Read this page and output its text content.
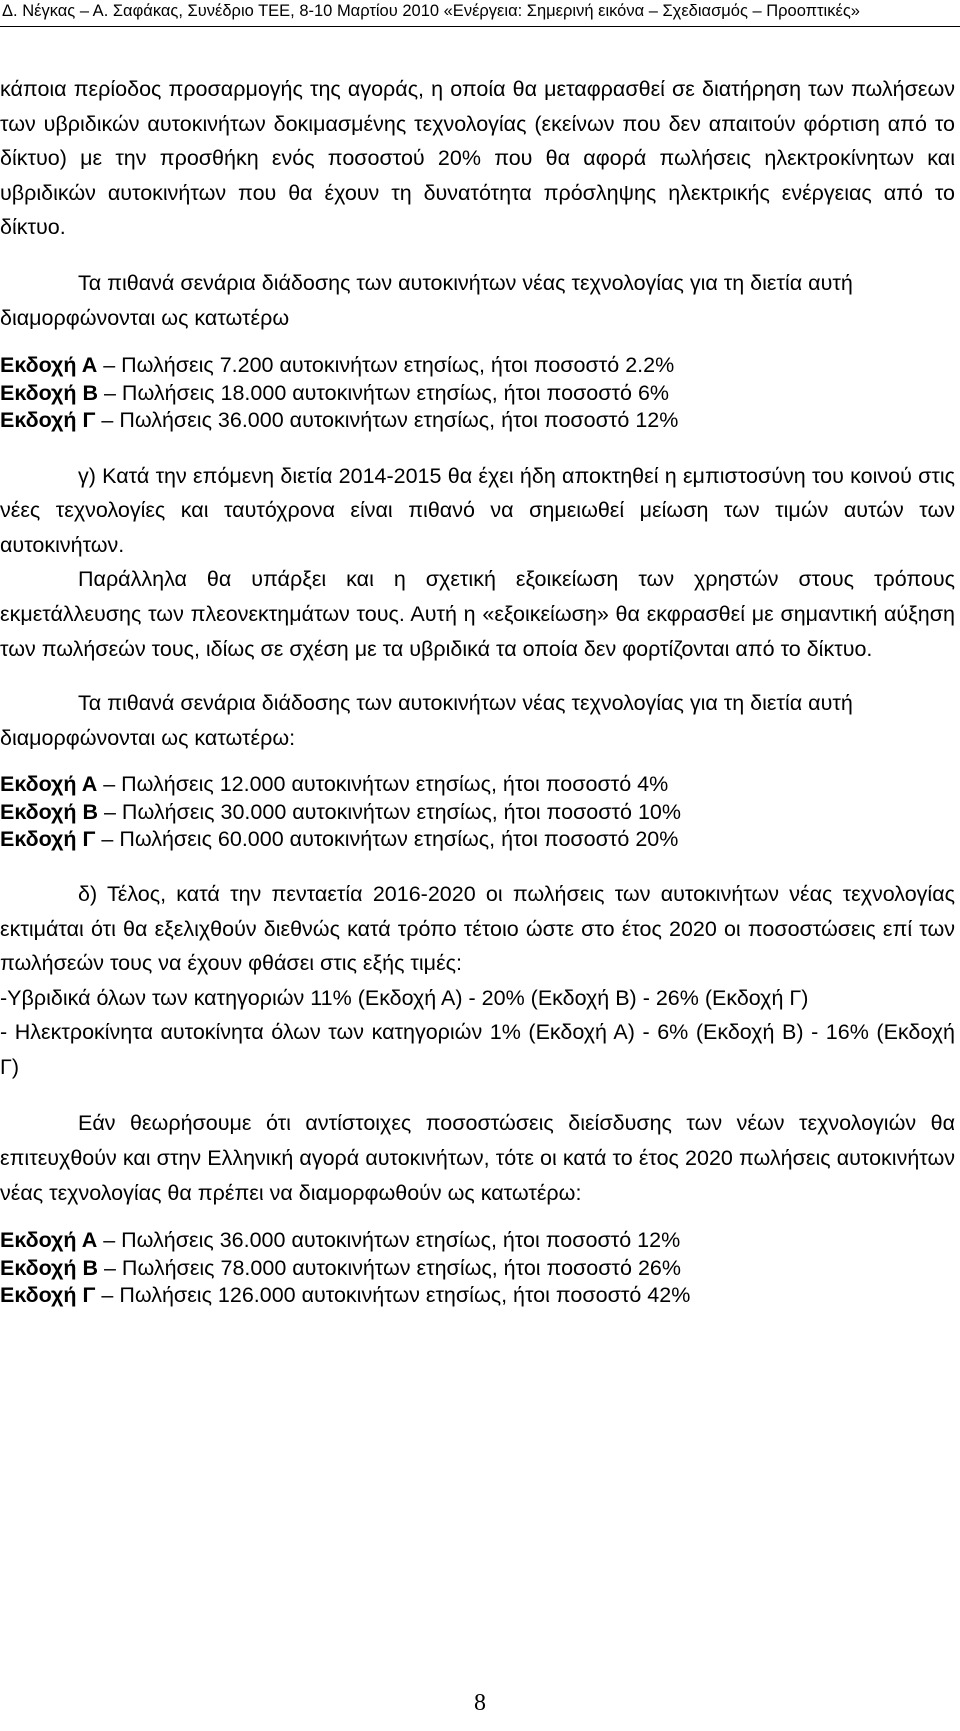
Δ. Νέγκας – Α. Σαφάκας, Συνέδριο ΤΕΕ, 8-10 Μαρτίου 2010 «Ενέργεια: Σημερινή εικόνα – Σχεδιασμός – Προοπτικές»

κάποια περίοδος προσαρμογής της αγοράς, η οποία θα μεταφρασθεί σε διατήρηση των πωλήσεων των υβριδικών αυτοκινήτων δοκιμασμένης τεχνολογίας (εκείνων που δεν απαιτούν φόρτιση από το δίκτυο) με την προσθήκη ενός ποσοστού 20% που θα αφορά πωλήσεις ηλεκτροκίνητων και υβριδικών αυτοκινήτων που θα έχουν τη δυνατότητα πρόσληψης ηλεκτρικής ενέργειας από το δίκτυο.

Τα πιθανά σενάρια διάδοσης των αυτοκινήτων νέας τεχνολογίας για τη διετία αυτή διαμορφώνονται ως κατωτέρω

Εκδοχή Α – Πωλήσεις 7.200 αυτοκινήτων ετησίως, ήτοι ποσοστό 2.2%

Εκδοχή Β – Πωλήσεις 18.000 αυτοκινήτων ετησίως, ήτοι ποσοστό 6%

Εκδοχή Γ – Πωλήσεις 36.000 αυτοκινήτων ετησίως, ήτοι ποσοστό 12%

γ) Κατά την επόμενη διετία 2014-2015 θα έχει ήδη αποκτηθεί η εμπιστοσύνη του κοινού στις νέες τεχνολογίες και ταυτόχρονα είναι πιθανό να σημειωθεί μείωση των τιμών αυτών των αυτοκινήτων.

Παράλληλα θα υπάρξει και η σχετική εξοικείωση των χρηστών στους τρόπους εκμετάλλευσης των πλεονεκτημάτων τους. Αυτή η «εξοικείωση» θα εκφρασθεί με σημαντική αύξηση των πωλήσεών τους, ιδίως σε σχέση με τα υβριδικά τα οποία δεν φορτίζονται από το δίκτυο.

Τα πιθανά σενάρια διάδοσης των αυτοκινήτων νέας τεχνολογίας για τη διετία αυτή διαμορφώνονται ως κατωτέρω:

Εκδοχή Α – Πωλήσεις 12.000 αυτοκινήτων ετησίως, ήτοι ποσοστό 4%

Εκδοχή Β – Πωλήσεις 30.000 αυτοκινήτων ετησίως, ήτοι ποσοστό 10%

Εκδοχή Γ – Πωλήσεις 60.000 αυτοκινήτων ετησίως, ήτοι ποσοστό 20%

δ) Τέλος, κατά την πενταετία 2016-2020 οι πωλήσεις των αυτοκινήτων νέας τεχνολογίας εκτιμάται ότι θα εξελιχθούν διεθνώς κατά τρόπο τέτοιο ώστε στο έτος 2020 οι ποσοστώσεις επί των πωλήσεών τους να έχουν φθάσει στις εξής τιμές:

-Υβριδικά όλων των κατηγοριών 11% (Εκδοχή Α) - 20% (Εκδοχή Β) - 26% (Εκδοχή Γ)

- Ηλεκτροκίνητα αυτοκίνητα όλων των κατηγοριών 1% (Εκδοχή Α) - 6% (Εκδοχή Β) - 16% (Εκδοχή Γ)

Εάν θεωρήσουμε ότι αντίστοιχες ποσοστώσεις διείσδυσης των νέων τεχνολογιών θα επιτευχθούν και στην Ελληνική αγορά αυτοκινήτων, τότε οι κατά το έτος 2020 πωλήσεις αυτοκινήτων νέας τεχνολογίας θα πρέπει να διαμορφωθούν ως κατωτέρω:

Εκδοχή Α – Πωλήσεις 36.000 αυτοκινήτων ετησίως, ήτοι ποσοστό 12%

Εκδοχή Β – Πωλήσεις 78.000 αυτοκινήτων ετησίως, ήτοι ποσοστό 26%

Εκδοχή Γ – Πωλήσεις 126.000 αυτοκινήτων ετησίως, ήτοι ποσοστό 42%

8
